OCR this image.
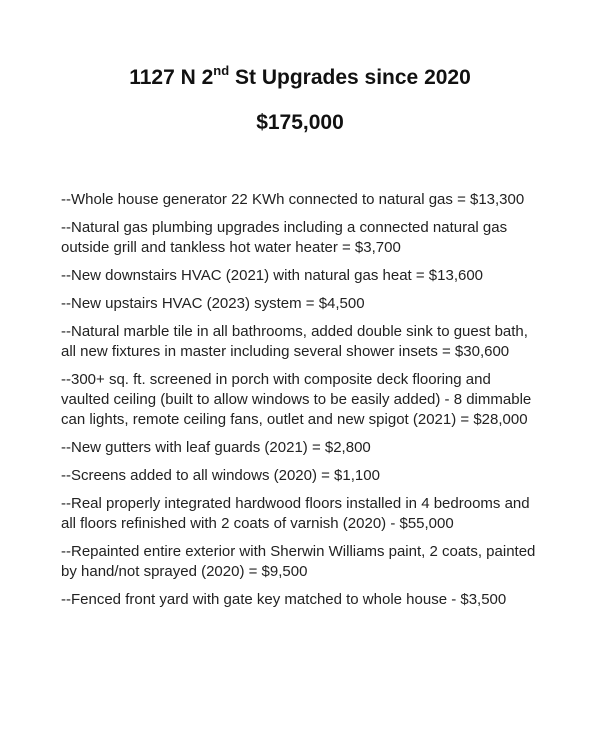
1127 N 2nd St Upgrades since 2020
$175,000
--Whole house generator 22 KWh connected to natural gas = $13,300
--Natural gas plumbing upgrades including a connected natural gas outside grill and tankless hot water heater = $3,700
--New downstairs HVAC (2021) with natural gas heat = $13,600
--New upstairs HVAC (2023) system = $4,500
--Natural marble tile in all bathrooms, added double sink to guest bath, all new fixtures in master including several shower insets = $30,600
--300+ sq. ft. screened in porch with composite deck flooring and vaulted ceiling (built to allow windows to be easily added) - 8 dimmable can lights, remote ceiling fans, outlet and new spigot (2021) = $28,000
--New gutters with leaf guards (2021) = $2,800
--Screens added to all windows (2020) = $1,100
--Real properly integrated hardwood floors installed in 4 bedrooms and all floors refinished with 2 coats of varnish (2020) - $55,000
--Repainted entire exterior with Sherwin Williams paint, 2 coats, painted by hand/not sprayed (2020) = $9,500
--Fenced front yard with gate key matched to whole house - $3,500
